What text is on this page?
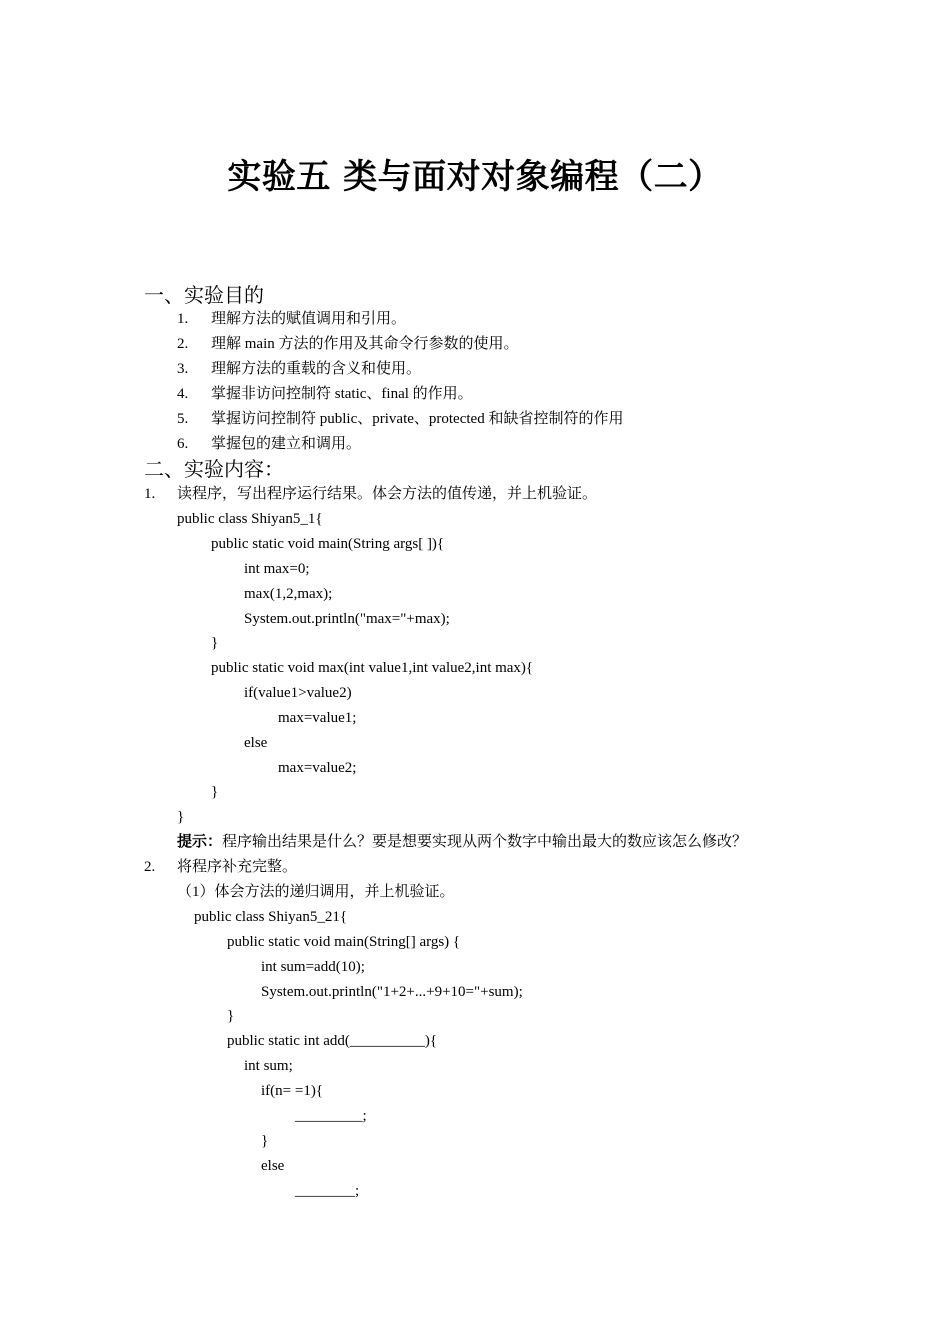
实验五 类与面对对象编程（二）
一、实验目的
1. 理解方法的赋值调用和引用。
2. 理解 main 方法的作用及其命令行参数的使用。
3. 理解方法的重载的含义和使用。
4. 掌握非访问控制符 static、final 的作用。
5. 掌握访问控制符 public、private、protected 和缺省控制符的作用
6. 掌握包的建立和调用。
二、实验内容：
1. 读程序，写出程序运行结果。体会方法的值传递，并上机验证。
public class Shiyan5_1{
public static void main(String args[ ]){
int max=0;
max(1,2,max);
System.out.println("max="+max);
}
public static void max(int value1,int value2,int max){
if(value1>value2)
max=value1;
else
max=value2;
}
}
提示：程序输出结果是什么？要是想要实现从两个数字中输出最大的数应该怎么修改？
2. 将程序补充完整。
（1）体会方法的递归调用，并上机验证。
public class Shiyan5_21{
public static void main(String[] args) {
int sum=add(10);
System.out.println("1+2+...+9+10="+sum);
}
public static int add(__________){
int sum;
if(n= =1){
_________;
}
else
________;
